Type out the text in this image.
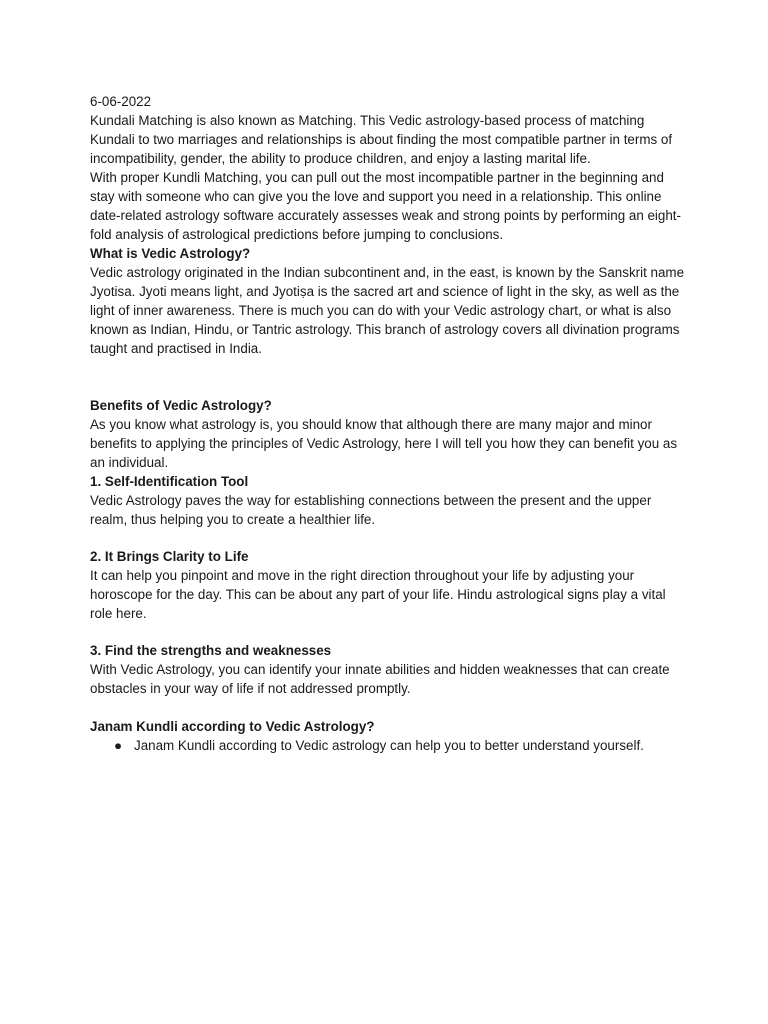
6-06-2022

Kundali Matching is also known as Matching. This Vedic astrology-based process of matching Kundali to two marriages and relationships is about finding the most compatible partner in terms of incompatibility, gender, the ability to produce children, and enjoy a lasting marital life.

With proper Kundli Matching, you can pull out the most incompatible partner in the beginning and stay with someone who can give you the love and support you need in a relationship. This online date-related astrology software accurately assesses weak and strong points by performing an eight-fold analysis of astrological predictions before jumping to conclusions.

What is Vedic Astrology?

Vedic astrology originated in the Indian subcontinent and, in the east, is known by the Sanskrit name Jyotisa. Jyoti means light, and Jyotiṣa is the sacred art and science of light in the sky, as well as the light of inner awareness. There is much you can do with your Vedic astrology chart, or what is also known as Indian, Hindu, or Tantric astrology. This branch of astrology covers all divination programs taught and practised in India.

Benefits of Vedic Astrology?

As you know what astrology is, you should know that although there are many major and minor benefits to applying the principles of Vedic Astrology, here I will tell you how they can benefit you as an individual.

1. Self-Identification Tool

Vedic Astrology paves the way for establishing connections between the present and the upper realm, thus helping you to create a healthier life.

2. It Brings Clarity to Life

It can help you pinpoint and move in the right direction throughout your life by adjusting your horoscope for the day. This can be about any part of your life. Hindu astrological signs play a vital role here.

3. Find the strengths and weaknesses

With Vedic Astrology, you can identify your innate abilities and hidden weaknesses that can create obstacles in your way of life if not addressed promptly.

Janam Kundli according to Vedic Astrology?

● Janam Kundli according to Vedic astrology can help you to better understand yourself.
